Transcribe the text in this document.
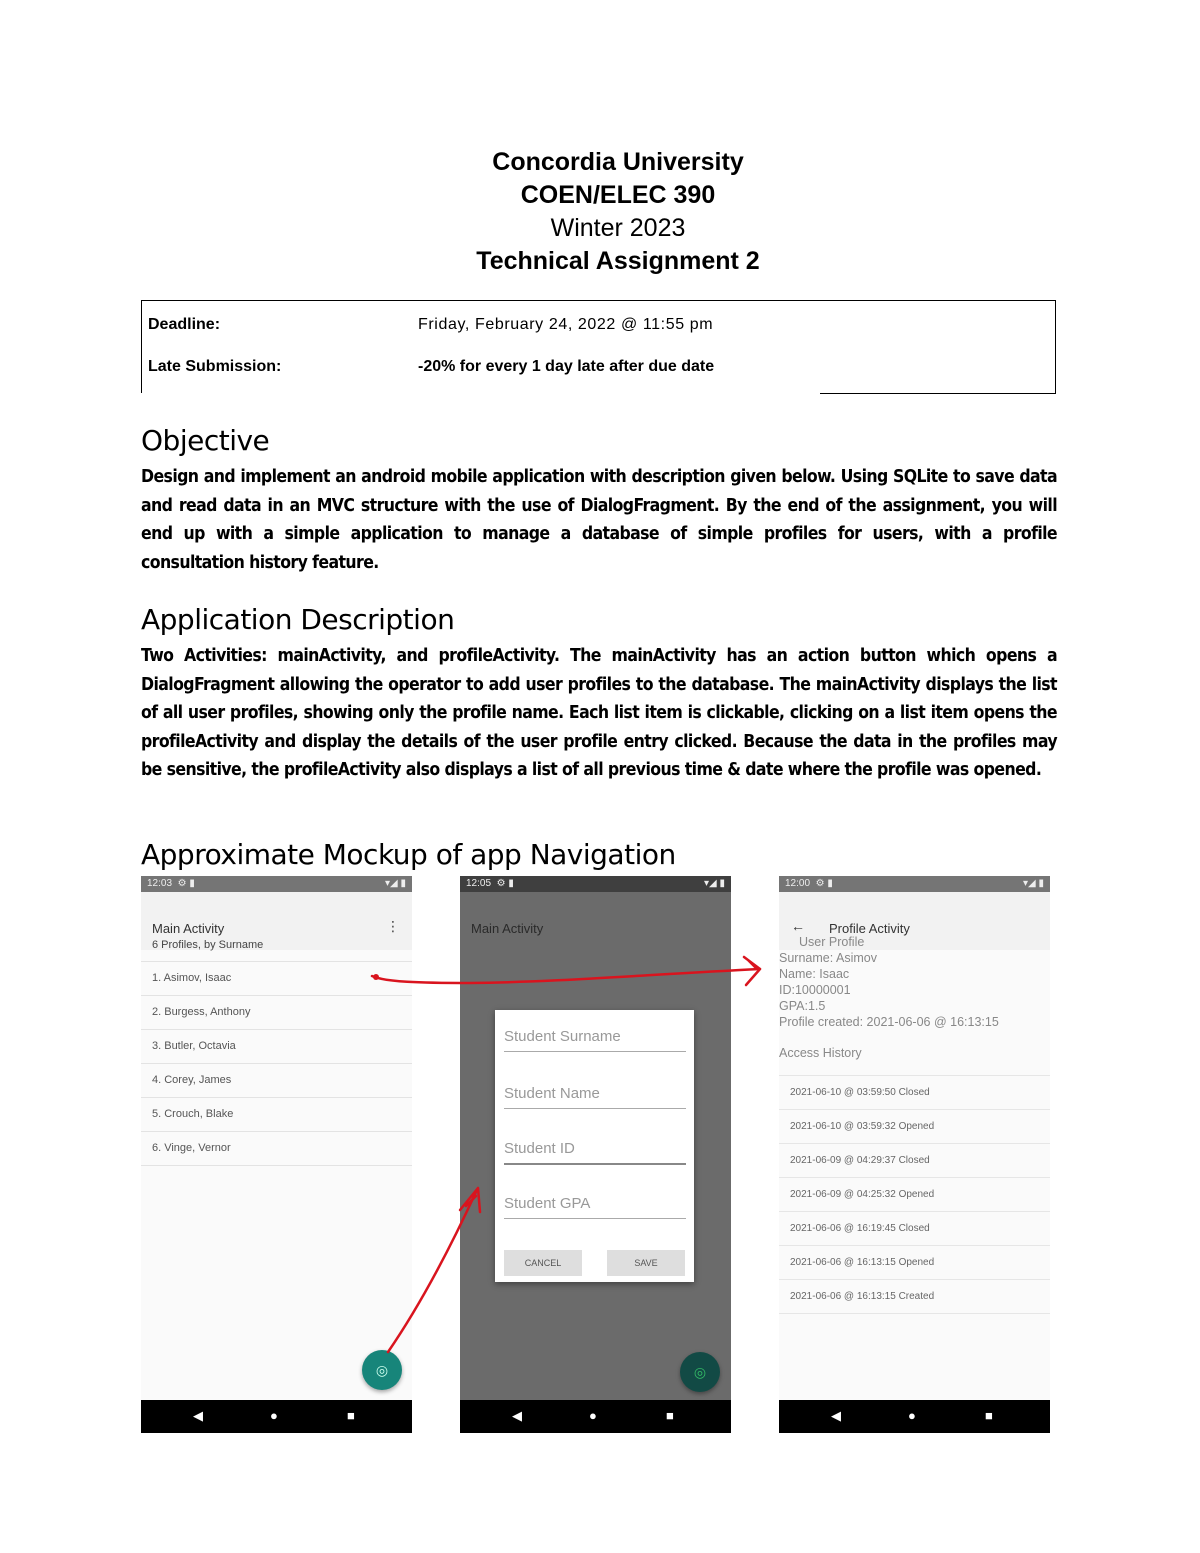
Concordia University
COEN/ELEC 390
Winter 2023
Technical Assignment 2
Deadline:	Friday, February 24, 2022 @ 11:55 pm
Late Submission:	-20% for every 1 day late after due date
Objective
Design and implement an android mobile application with description given below. Using SQLite to save data and read data in an MVC structure with the use of DialogFragment. By the end of the assignment, you will end up with a simple application to manage a database of simple profiles for users, with a profile consultation history feature.
Application Description
Two Activities: mainActivity, and profileActivity. The mainActivity has an action button which opens a DialogFragment allowing the operator to add user profiles to the database. The mainActivity displays the list of all user profiles, showing only the profile name. Each list item is clickable, clicking on a list item opens the profileActivity and display the details of the user profile entry clicked. Because the data in the profiles may be sensitive, the profileActivity also displays a list of all previous time & date where the profile was opened.
Approximate Mockup of app Navigation
12:03  ⚙ ▮	▾◢ ▮
Main Activity	⋮
6 Profiles, by Surname
1. Asimov, Isaac
2. Burgess, Anthony
3. Butler, Octavia
4. Corey, James
5. Crouch, Blake
6. Vinge, Vernor
◎
◀	●	■
12:05  ⚙ ▮	▾◢ ▮
Main Activity
Student Surname
Student Name
Student ID
Student GPA
CANCEL	SAVE
◎
◀	●	■
12:00  ⚙ ▮	▾◢ ▮
← Profile Activity
User Profile
Surname: Asimov
Name: Isaac
ID:10000001
GPA:1.5
Profile created: 2021-06-06 @ 16:13:15
Access History
2021-06-10 @ 03:59:50 Closed
2021-06-10 @ 03:59:32 Opened
2021-06-09 @ 04:29:37 Closed
2021-06-09 @ 04:25:32 Opened
2021-06-06 @ 16:19:45 Closed
2021-06-06 @ 16:13:15 Opened
2021-06-06 @ 16:13:15 Created
◀	●	■
